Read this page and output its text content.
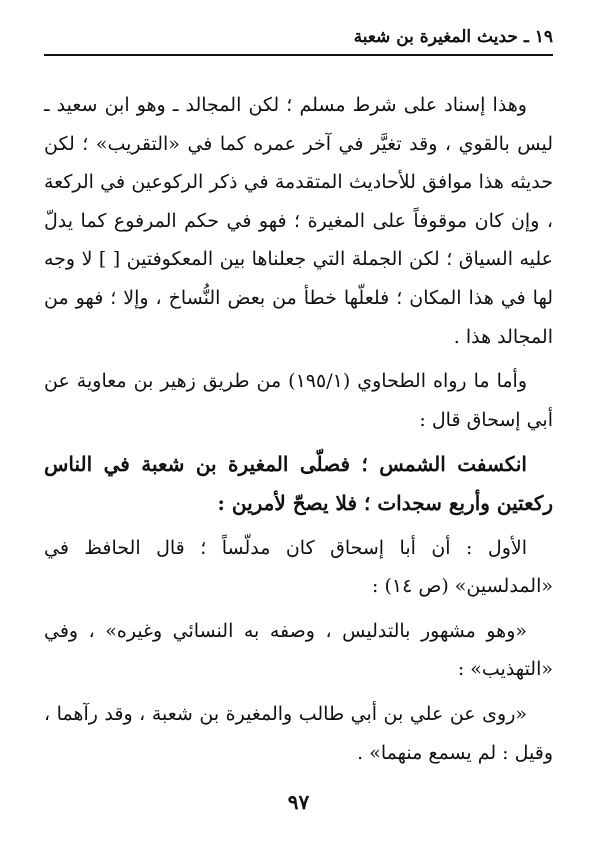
١٩ ـ حديث المغيرة بن شعبة

وهذا إسناد على شرط مسلم ؛ لكن المجالد ـ وهو ابن سعيد ـ ليس بالقوي ، وقد تغيَّر في آخر عمره كما في «التقريب» ؛ لكن حديثه هذا موافق للأحاديث المتقدمة في ذكر الركوعين في الركعة ، وإن كان موقوفاً على المغيرة ؛ فهو في حكم المرفوع كما يدلّ عليه السياق ؛ لكن الجملة التي جعلناها بين المعكوفتين [ ] لا وجه لها في هذا المكان ؛ فلعلّها خطأ من بعض النُّساخ ، وإلا ؛ فهو من المجالد هذا .

وأما ما رواه الطحاوي (١٩٥/١) من طريق زهير بن معاوية عن أبي إسحاق قال :

انكسفت الشمس ؛ فصلّى المغيرة بن شعبة في الناس ركعتين وأربع سجدات ؛ فلا يصحّ لأمرين :

الأول : أن أبا إسحاق كان مدلّساً ؛ قال الحافظ في «المدلسين» (ص ١٤) :

«وهو مشهور بالتدليس ، وصفه به النسائي وغيره» ، وفي «التهذيب» :

«روى عن علي بن أبي طالب والمغيرة بن شعبة ، وقد رآهما ، وقيل : لم يسمع منهما» .

٩٧
